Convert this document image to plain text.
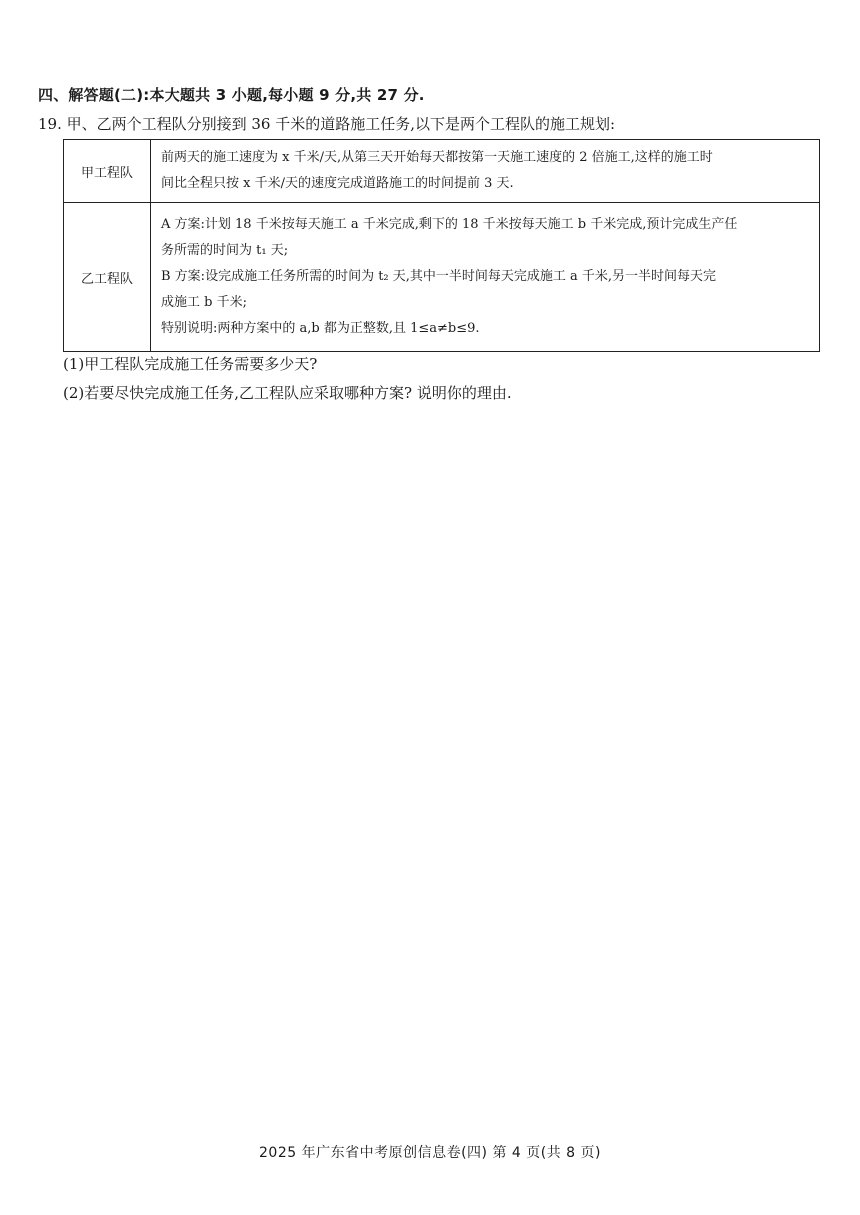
四、解答题(二):本大题共 3 小题,每小题 9 分,共 27 分.
19. 甲、乙两个工程队分别接到 36 千米的道路施工任务,以下是两个工程队的施工规划:
甲工程队	前两天的施工速度为 x 千米/天,从第三天开始每天都按第一天施工速度的 2 倍施工,这样的施工时
间比全程只按 x 千米/天的速度完成道路施工的时间提前 3 天.

乙工程队	A 方案:计划 18 千米按每天施工 a 千米完成,剩下的 18 千米按每天施工 b 千米完成,预计完成生产任
务所需的时间为 t₁ 天;
B 方案:设完成施工任务所需的时间为 t₂ 天,其中一半时间每天完成施工 a 千米,另一半时间每天完
成施工 b 千米;
特别说明:两种方案中的 a,b 都为正整数,且 1≤a≠b≤9.
(1)甲工程队完成施工任务需要多少天?
(2)若要尽快完成施工任务,乙工程队应采取哪种方案? 说明你的理由.
2025 年广东省中考原创信息卷(四) 第 4 页(共 8 页)
